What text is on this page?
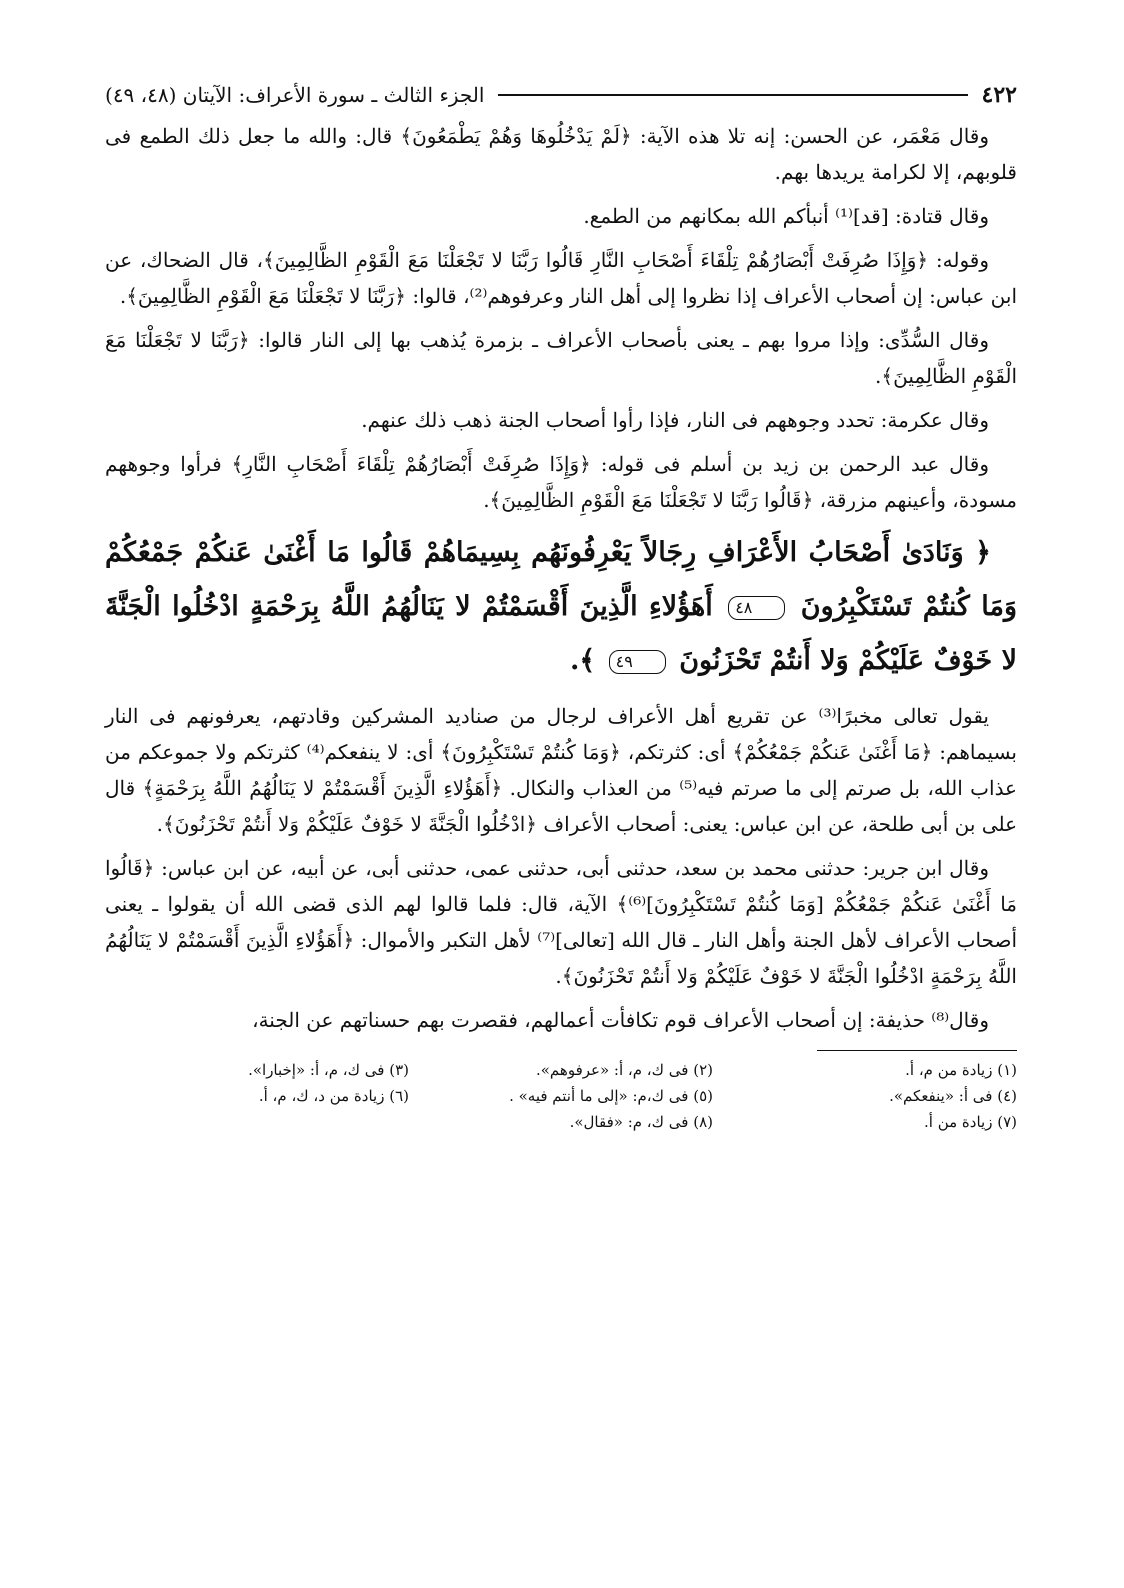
٤٢٢
الجزء الثالث ـ سورة الأعراف: الآيتان (٤٨، ٤٩)

وقال مَعْمَر، عن الحسن: إنه تلا هذه الآية: ﴿لَمْ يَدْخُلُوهَا وَهُمْ يَطْمَعُونَ﴾ قال: والله ما جعل ذلك الطمع فى قلوبهم، إلا لكرامة يريدها بهم.

وقال قتادة: [قد]⁽¹⁾ أنبأكم الله بمكانهم من الطمع.

وقوله: ﴿وَإِذَا صُرِفَتْ أَبْصَارُهُمْ تِلْقَاءَ أَصْحَابِ النَّارِ قَالُوا رَبَّنَا لا تَجْعَلْنَا مَعَ الْقَوْمِ الظَّالِمِينَ﴾، قال الضحاك، عن ابن عباس: إن أصحاب الأعراف إذا نظروا إلى أهل النار وعرفوهم⁽²⁾، قالوا: ﴿رَبَّنَا لا تَجْعَلْنَا مَعَ الْقَوْمِ الظَّالِمِينَ﴾.

وقال السُّدِّى: وإذا مروا بهم ـ يعنى بأصحاب الأعراف ـ بزمرة يُذهب بها إلى النار قالوا: ﴿رَبَّنَا لا تَجْعَلْنَا مَعَ الْقَوْمِ الظَّالِمِينَ﴾.

وقال عكرمة: تحدد وجوههم فى النار، فإذا رأوا أصحاب الجنة ذهب ذلك عنهم.

وقال عبد الرحمن بن زيد بن أسلم فى قوله: ﴿وَإِذَا صُرِفَتْ أَبْصَارُهُمْ تِلْقَاءَ أَصْحَابِ النَّارِ﴾ فرأوا وجوههم مسودة، وأعينهم مزرقة، ﴿قَالُوا رَبَّنَا لا تَجْعَلْنَا مَعَ الْقَوْمِ الظَّالِمِينَ﴾.

﴿ وَنَادَىٰ أَصْحَابُ الأَعْرَافِ رِجَالاً يَعْرِفُونَهُم بِسِيمَاهُمْ قَالُوا مَا أَغْنَىٰ عَنكُمْ جَمْعُكُمْ وَمَا كُنتُمْ تَسْتَكْبِرُونَ ٤٨ أَهَؤُلاءِ الَّذِينَ أَقْسَمْتُمْ لا يَنَالُهُمُ اللَّهُ بِرَحْمَةٍ ادْخُلُوا الْجَنَّةَ لا خَوْفٌ عَلَيْكُمْ وَلا أَنتُمْ تَحْزَنُونَ ٤٩ ﴾.

يقول تعالى مخبرًا⁽³⁾ عن تقريع أهل الأعراف لرجال من صناديد المشركين وقادتهم، يعرفونهم فى النار بسيماهم: ﴿مَا أَغْنَىٰ عَنكُمْ جَمْعُكُمْ﴾ أى: كثرتكم، ﴿وَمَا كُنتُمْ تَسْتَكْبِرُونَ﴾ أى: لا ينفعكم⁽⁴⁾ كثرتكم ولا جموعكم من عذاب الله، بل صرتم إلى ما صرتم فيه⁽⁵⁾ من العذاب والنكال. ﴿أَهَؤُلاءِ الَّذِينَ أَقْسَمْتُمْ لا يَنَالُهُمُ اللَّهُ بِرَحْمَةٍ﴾ قال على بن أبى طلحة، عن ابن عباس: يعنى: أصحاب الأعراف ﴿ادْخُلُوا الْجَنَّةَ لا خَوْفٌ عَلَيْكُمْ وَلا أَنتُمْ تَحْزَنُونَ﴾.

وقال ابن جرير: حدثنى محمد بن سعد، حدثنى أبى، حدثنى عمى، حدثنى أبى، عن أبيه، عن ابن عباس: ﴿قَالُوا مَا أَغْنَىٰ عَنكُمْ جَمْعُكُمْ [وَمَا كُنتُمْ تَسْتَكْبِرُونَ]⁽⁶⁾﴾ الآية، قال: فلما قالوا لهم الذى قضى الله أن يقولوا ـ يعنى أصحاب الأعراف لأهل الجنة وأهل النار ـ قال الله [تعالى]⁽⁷⁾ لأهل التكبر والأموال: ﴿أَهَؤُلاءِ الَّذِينَ أَقْسَمْتُمْ لا يَنَالُهُمُ اللَّهُ بِرَحْمَةٍ ادْخُلُوا الْجَنَّةَ لا خَوْفٌ عَلَيْكُمْ وَلا أَنتُمْ تَحْزَنُونَ﴾.

وقال⁽⁸⁾ حذيفة: إن أصحاب الأعراف قوم تكافأت أعمالهم، فقصرت بهم حسناتهم عن الجنة،

(١) زيادة من م، أ.
(٢) فى ك، م، أ: «عرفوهم».
(٣) فى ك، م، أ: «إخبارا».
(٤) فى أ: «ينفعكم».
(٥) فى ك،م: «إلى ما أنتم فيه» .
(٦) زيادة من د، ك، م، أ.
(٧) زيادة من أ.
(٨) فى ك، م: «فقال».
